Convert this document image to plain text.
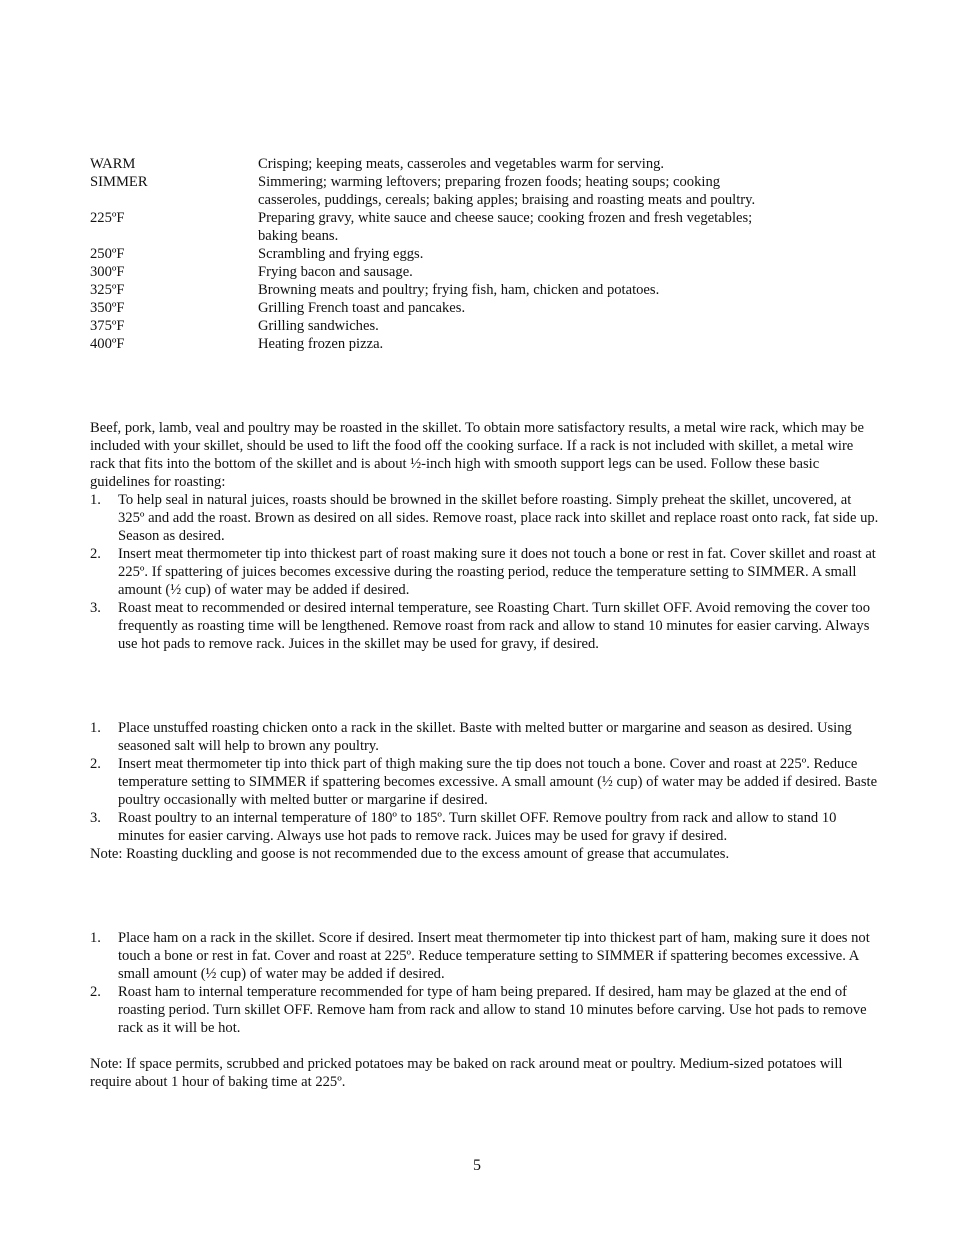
WARM	Crisping; keeping meats, casseroles and vegetables warm for serving.
SIMMER	Simmering; warming leftovers; preparing frozen foods; heating soups; cooking casseroles, puddings, cereals; baking apples; braising and roasting meats and poultry.
225ºF	Preparing gravy, white sauce and cheese sauce; cooking frozen and fresh vegetables; baking beans.
250ºF	Scrambling and frying eggs.
300ºF	Frying bacon and sausage.
325ºF	Browning meats and poultry; frying fish, ham, chicken and potatoes.
350ºF	Grilling French toast and pancakes.
375ºF	Grilling sandwiches.
400ºF	Heating frozen pizza.

Beef, pork, lamb, veal and poultry may be roasted in the skillet. To obtain more satisfactory results, a metal wire rack, which may be included with your skillet, should be used to lift the food off the cooking surface. If a rack is not included with skillet, a metal wire rack that fits into the bottom of the skillet and is about ½-inch high with smooth support legs can be used. Follow these basic guidelines for roasting:

1.	To help seal in natural juices, roasts should be browned in the skillet before roasting. Simply preheat the skillet, uncovered, at 325º and add the roast. Brown as desired on all sides. Remove roast, place rack into skillet and replace roast onto rack, fat side up. Season as desired.
2.	Insert meat thermometer tip into thickest part of roast making sure it does not touch a bone or rest in fat. Cover skillet and roast at 225º. If spattering of juices becomes excessive during the roasting period, reduce the temperature setting to SIMMER. A small amount (½ cup) of water may be added if desired.
3.	Roast meat to recommended or desired internal temperature, see Roasting Chart. Turn skillet OFF. Avoid removing the cover too frequently as roasting time will be lengthened. Remove roast from rack and allow to stand 10 minutes for easier carving. Always use hot pads to remove rack. Juices in the skillet may be used for gravy, if desired.
1.	Place unstuffed roasting chicken onto a rack in the skillet. Baste with melted butter or margarine and season as desired. Using seasoned salt will help to brown any poultry.
2.	Insert meat thermometer tip into thick part of thigh making sure the tip does not touch a bone. Cover and roast at 225º. Reduce temperature setting to SIMMER if spattering becomes excessive. A small amount (½ cup) of water may be added if desired. Baste poultry occasionally with melted butter or margarine if desired.
3.	Roast poultry to an internal temperature of 180º to 185º. Turn skillet OFF. Remove poultry from rack and allow to stand 10 minutes for easier carving. Always use hot pads to remove rack. Juices may be used for gravy if desired.

Note: Roasting duckling and goose is not recommended due to the excess amount of grease that accumulates.

1.	Place ham on a rack in the skillet. Score if desired. Insert meat thermometer tip into thickest part of ham, making sure it does not touch a bone or rest in fat. Cover and roast at 225º. Reduce temperature setting to SIMMER if spattering becomes excessive. A small amount (½ cup) of water may be added if desired.
2.	Roast ham to internal temperature recommended for type of ham being prepared. If desired, ham may be glazed at the end of roasting period. Turn skillet OFF. Remove ham from rack and allow to stand 10 minutes before carving. Use hot pads to remove rack as it will be hot.

Note: If space permits, scrubbed and pricked potatoes may be baked on rack around meat or poultry. Medium-sized potatoes will require about 1 hour of baking time at 225º.

5
